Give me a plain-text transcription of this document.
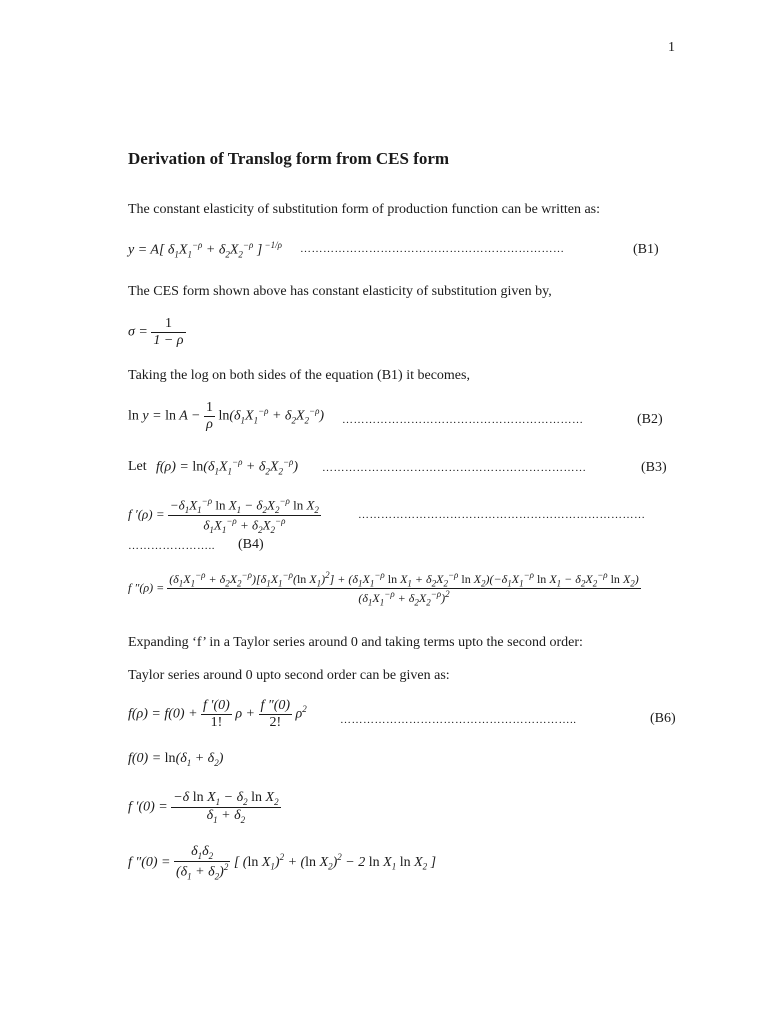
1
Derivation of Translog form from CES form
The constant elasticity of substitution form of production function can be written as:
y = A[ $\delta_1X_1^{-\rho} + \delta_2X_2^{-\rho}$ ] $^{-1/\rho}$ ……………………………………………………………	(B1)
The CES form shown above has constant elasticity of substitution given by,
$\sigma = \frac{1}{1 - \rho}$
Taking the log on both sides of the equation (B1) it becomes,
$\ln y = \ln A - \frac{1}{\rho} \ln(\delta_1X_1^{-\rho} + \delta_2X_2^{-\rho})$ ………………………………………………………	(B2)
Let $f(\rho) = \ln(\delta_1X_1^{-\rho} + \delta_2X_2^{-\rho})$ ……………………………………………………………	(B3)
f $'(\rho) = \frac{-\delta_1X_1^{-\rho} \ln X_1 - \delta_2X_2^{-\rho} \ln X_2}{\delta_1X_1^{-\rho} + \delta_2X_2^{-\rho}}$	…………………………………………………………………
………………….. (B4)
f ″(ρ) =
$(\delta_1X_1^{-\rho} + \delta_2X_2^{-\rho})[\delta_1X_1^{-\rho}(\ln$ $X_1)^2] + (\delta_1X_1^{-\rho}$ $\ln X_1 + \delta_2X_2^{-\rho}$ $\ln X_2)(-\delta_1X_1^{-\rho}$ $\ln X_1 - \delta_2X_2^{-\rho}$ $\ln X_2$)
$(\delta_1X_1^{-\rho} + \delta_2X_2^{-\rho})^2$
Expanding ‘f’ in a Taylor series around 0 and taking terms upto the second order:
Taylor series around 0 upto second order can be given as:
$f(\rho) = f(0) + \frac{f '(0)}{1!}$ $\rho + \frac{f ''(0)}{2!} \rho^2$
……………………………………………………..	(B6)
$f(0) = \ln(\delta_1 + \delta_2)$
f $'(0) = \frac{-\delta \ln X_1 - \delta_2 \ln X_2}{\delta_1 + \delta_2}$
f $''(0) = \frac{\delta_1\delta_2}{(\delta_1 + \delta_2)^2}$ [ (ln $X_1)^2 + (\ln$ $X_2)^2 - 2$ $\ln X_1$ $\ln X_2$ ]
